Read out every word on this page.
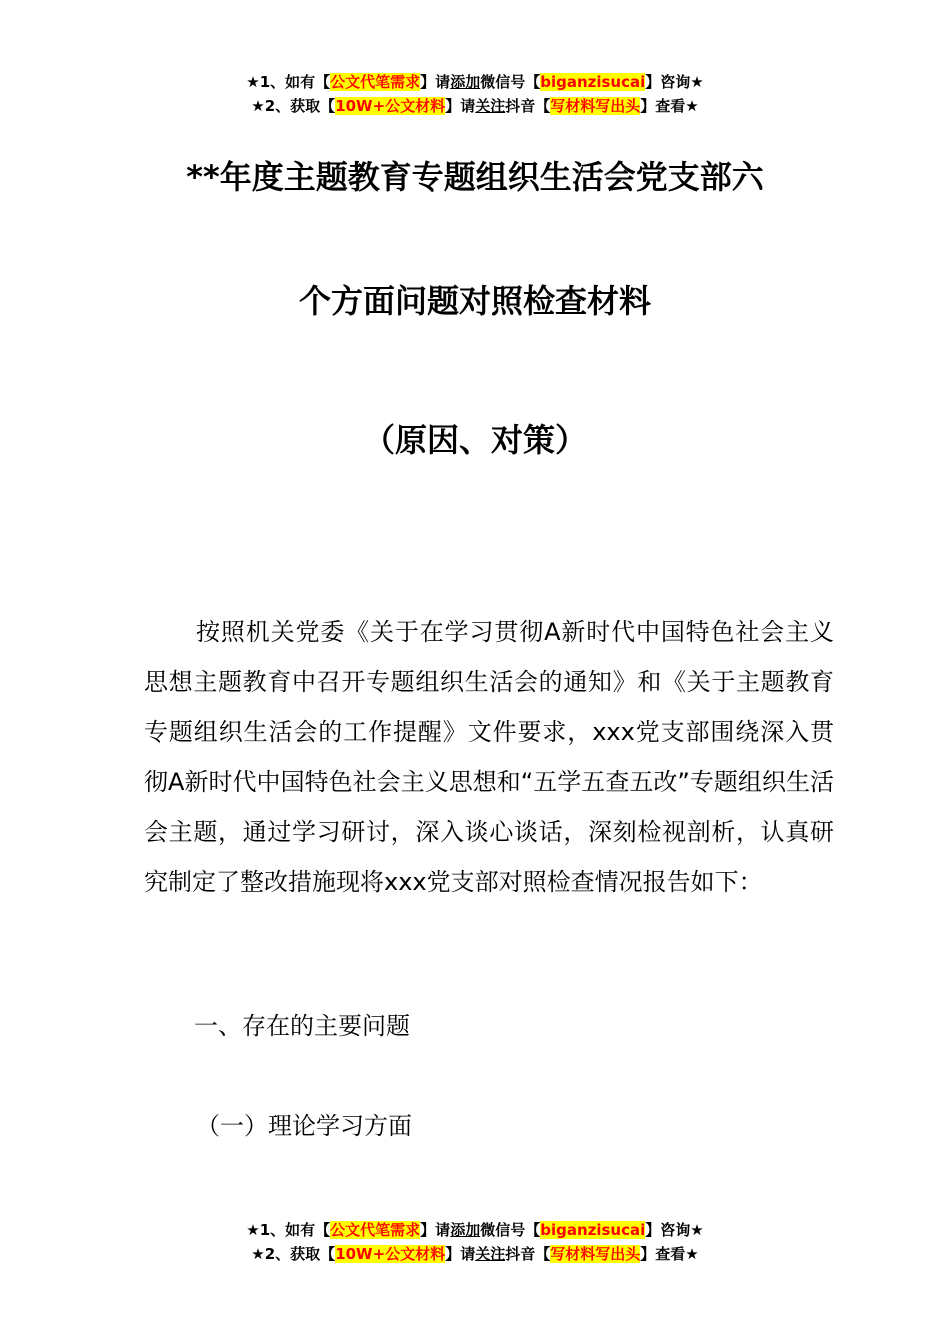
★1、如有【公文代笔需求】请添加微信号【biganzisucai】咨询★
★2、获取【10W+公文材料】请关注抖音【写材料写出头】查看★
**年度主题教育专题组织生活会党支部六
个方面问题对照检查材料
（原因、对策）
按照机关党委《关于在学习贯彻A新时代中国特色社会主义思想主题教育中召开专题组织生活会的通知》和《关于主题教育专题组织生活会的工作提醒》文件要求，xxx党支部围绕深入贯彻A新时代中国特色社会主义思想和“五学五查五改”专题组织生活会主题，通过学习研讨，深入谈心谈话，深刻检视剖析，认真研究制定了整改措施现将xxx党支部对照检查情况报告如下：
一、存在的主要问题
（一）理论学习方面
★1、如有【公文代笔需求】请添加微信号【biganzisucai】咨询★
★2、获取【10W+公文材料】请关注抖音【写材料写出头】查看★
